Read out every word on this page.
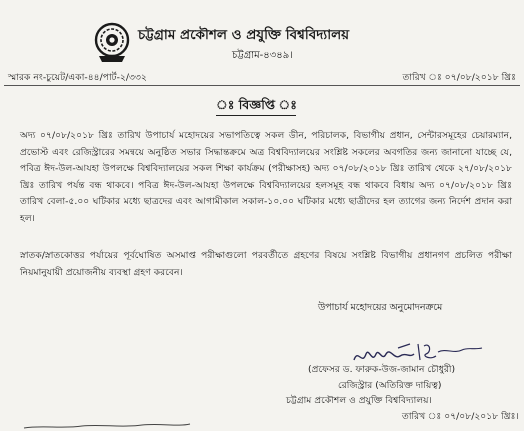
চট্টগ্রাম প্রকৌশল ও প্রযুক্তি বিশ্ববিদ্যালয়
চট্টগ্রাম-৪৩৪৯।
স্মারক নং-চুয়েট/একা-৪৪/পার্ট-২/৩৩২	তারিখ ঃ ০৭/০৮/২০১৮ খ্রিঃ
ঃ বিজ্ঞপ্তি ঃ
অদ্য ০৭/০৮/২০১৮ খ্রিঃ তারিখ উপাচার্য মহোদয়ের সভাপতিত্বে সকল ডীন, পরিচালক, বিভাগীয় প্রধান, সেন্টারসমূহের চেয়ারম্যান, প্রভোস্ট এবং রেজিস্ট্রারের সমন্বয়ে অনুষ্ঠিত সভার সিদ্ধান্তক্রমে অত্র বিশ্ববিদ্যালয়ের সংশ্লিষ্ট সকলের অবগতির জন্য জানানো যাচ্ছে যে, পবিত্র ঈদ-উল-আযহা উপলক্ষে বিশ্ববিদ্যালয়ের সকল শিক্ষা কার্যক্রম (পরীক্ষাসহ) অদ্য ০৭/০৮/২০১৮ খ্রিঃ তারিখ থেকে ২৭/০৮/২০১৮ খ্রিঃ তারিখ পর্যন্ত বন্ধ থাকবে। পবিত্র ঈদ-উল-আযহা উপলক্ষে বিশ্ববিদ্যালয়ের হলসমূহ বন্ধ থাকবে বিধায় অদ্য ০৭/০৮/২০১৮ খ্রিঃ তারিখ বেলা-৫.০০ ঘটিকার মধ্যে ছাত্রদের এবং আগামীকাল সকাল-১০.০০ ঘটিকার মধ্যে ছাত্রীদের হল ত্যাগের জন্য নির্দেশ প্রদান করা হল।
স্নাতক/স্নাতকোত্তর পর্যায়ের পূর্বঘোষিত অসমাপ্ত পরীক্ষাগুলো পরবর্তীতে গ্রহণের বিষয়ে সংশ্লিষ্ট বিভাগীয় প্রধানগণ প্রচলিত পরীক্ষা নিয়মানুযায়ী প্রয়োজনীয় ব্যবস্থা গ্রহণ করবেন।
উপাচার্য মহোদয়ের অনুমোদনক্রমে
(প্রফেসর ড. ফারুক-উজ-জামান চৌধুরী)
রেজিস্ট্রার (অতিরিক্ত দায়িত্ব)
চট্টগ্রাম প্রকৌশল ও প্রযুক্তি বিশ্ববিদ্যালয়।
তারিখ ঃ ০৭/০৮/২০১৮ খ্রিঃ।
